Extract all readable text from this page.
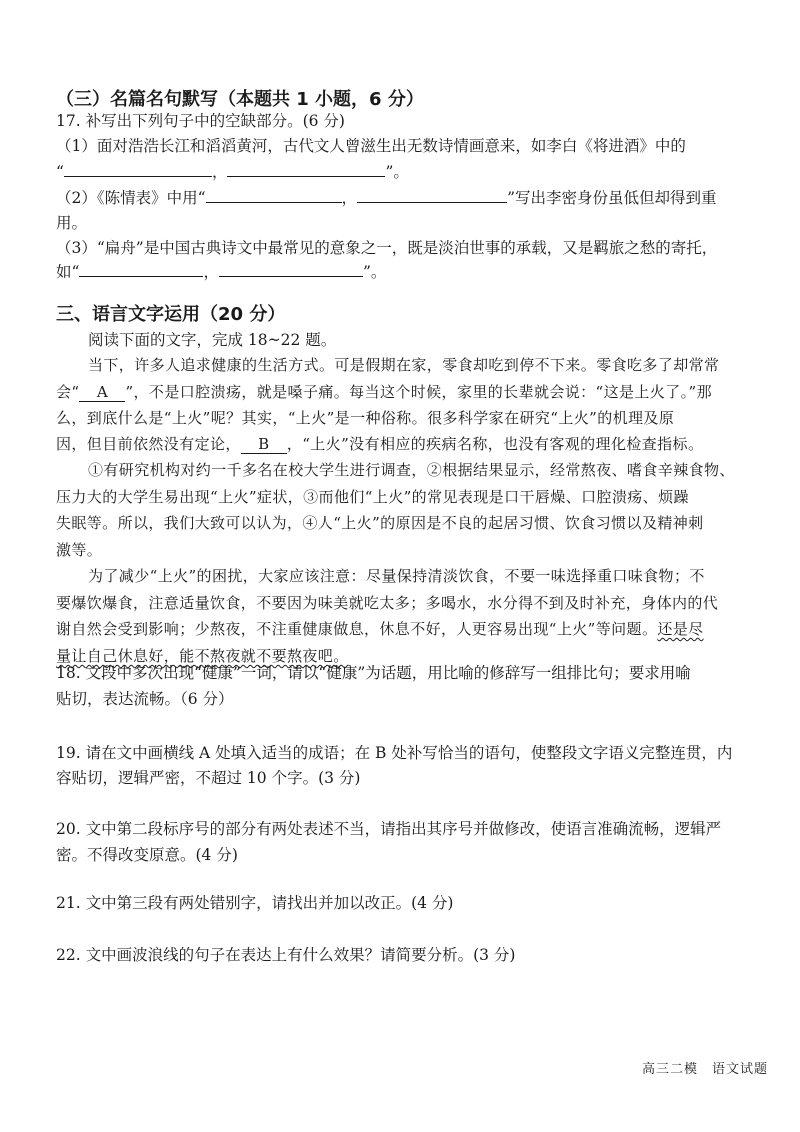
（三）名篇名句默写（本题共 1 小题，6 分）
17. 补写出下列句子中的空缺部分。(6 分)
（1）面对浩浩长江和滔滔黄河，古代文人曾滋生出无数诗情画意来，如李白《将进酒》中的
“	，	”。
（2）《陈情表》中用“	，	”写出李密身份虽低但却得到重
用。
（3）“扁舟”是中国古典诗文中最常见的意象之一，既是淡泊世事的承载，又是羁旅之愁的寄托，
如“	，	”。
三、语言文字运用（20 分）
阅读下面的文字，完成 18~22 题。
当下，许多人追求健康的生活方式。可是假期在家，零食却吃到停不下来。零食吃多了却常常
会“ A ”，不是口腔溃疡，就是嗓子痛。每当这个时候，家里的长辈就会说：“这是上火了。”那
么，到底什么是“上火”呢？其实，“上火”是一种俗称。很多科学家在研究“上火”的机理及原
因，但目前依然没有定论， B ，“上火”没有相应的疾病名称，也没有客观的理化检查指标。
①有研究机构对约一千多名在校大学生进行调查，②根据结果显示，经常熬夜、嗜食辛辣食物、
压力大的大学生易出现“上火”症状，③而他们“上火”的常见表现是口干唇燥、口腔溃疡、烦躁
失眠等。所以，我们大致可以认为，④人“上火”的原因是不良的起居习惯、饮食习惯以及精神刺
激等。
为了减少“上火”的困扰，大家应该注意：尽量保持清淡饮食，不要一味选择重口味食物；不
要爆饮爆食，注意适量饮食，不要因为味美就吃太多；多喝水，水分得不到及时补充，身体内的代
谢自然会受到影响；少熬夜，不注重健康做息，休息不好，人更容易出现“上火”等问题。还是尽
量让自己休息好，能不熬夜就不要熬夜吧。
18. 文段中多次出现“健康”一词，请以“健康”为话题，用比喻的修辞写一组排比句；要求用喻
贴切，表达流畅。（6 分）
19. 请在文中画横线 A 处填入适当的成语；在 B 处补写恰当的语句，使整段文字语义完整连贯，内
容贴切，逻辑严密，不超过 10 个字。(3 分)
20. 文中第二段标序号的部分有两处表述不当，请指出其序号并做修改，使语言准确流畅，逻辑严
密。不得改变原意。(4 分)
21. 文中第三段有两处错别字，请找出并加以改正。(4 分)
22. 文中画波浪线的句子在表达上有什么效果？请简要分析。(3 分)
高三二模 语文试题
